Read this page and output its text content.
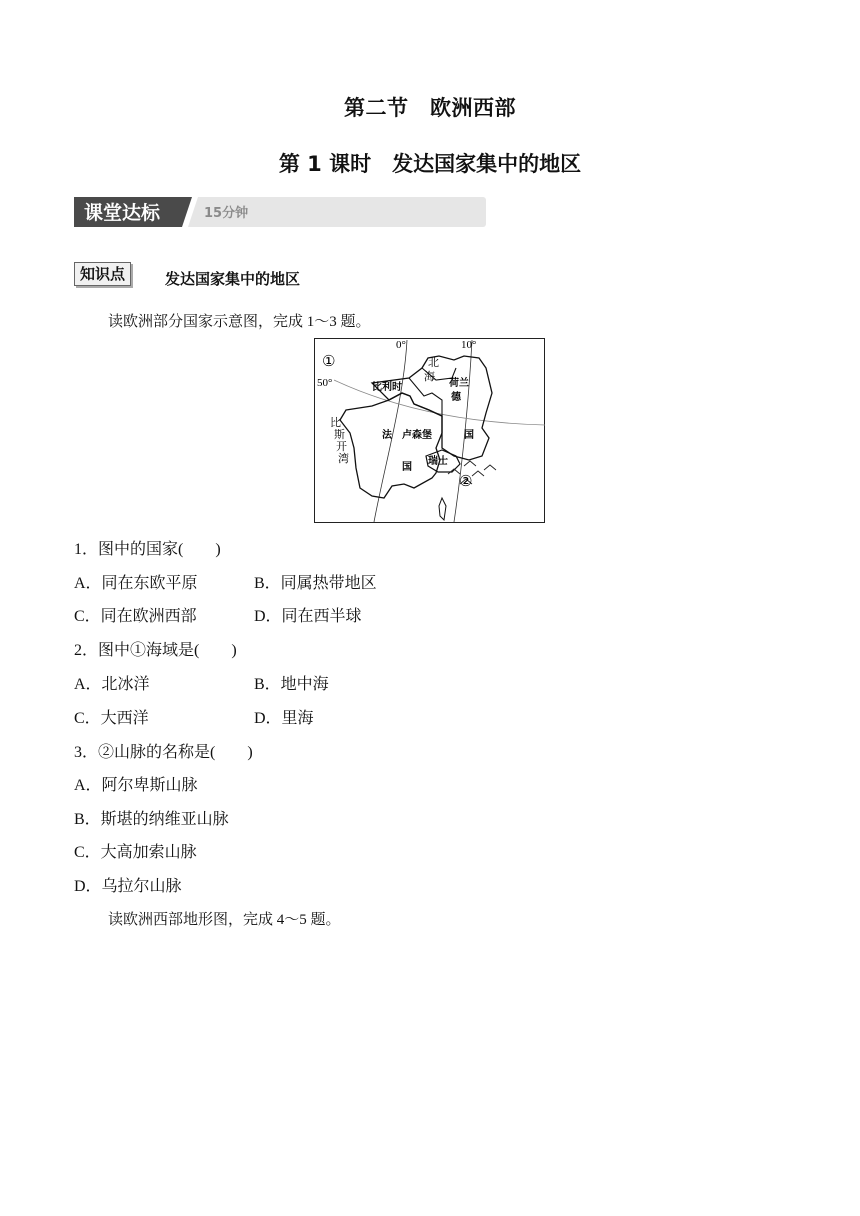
第二节　欧洲西部
第 1 课时　发达国家集中的地区
课堂达标	15分钟
知识点	发达国家集中的地区
读欧洲部分国家示意图，完成 1～3 题。
①
②
0°	10°
50°
比
斯
开
湾
北
海
比利时	荷兰
德
卢森堡
法
国
国
瑞士
1．图中的国家(　　)
A．同在东欧平原	B．同属热带地区
C．同在欧洲西部	D．同在西半球
2．图中①海域是(　　)
A．北冰洋	B．地中海
C．大西洋	D．里海
3．②山脉的名称是(　　)
A．阿尔卑斯山脉
B．斯堪的纳维亚山脉
C．大高加索山脉
D．乌拉尔山脉
读欧洲西部地形图，完成 4～5 题。
